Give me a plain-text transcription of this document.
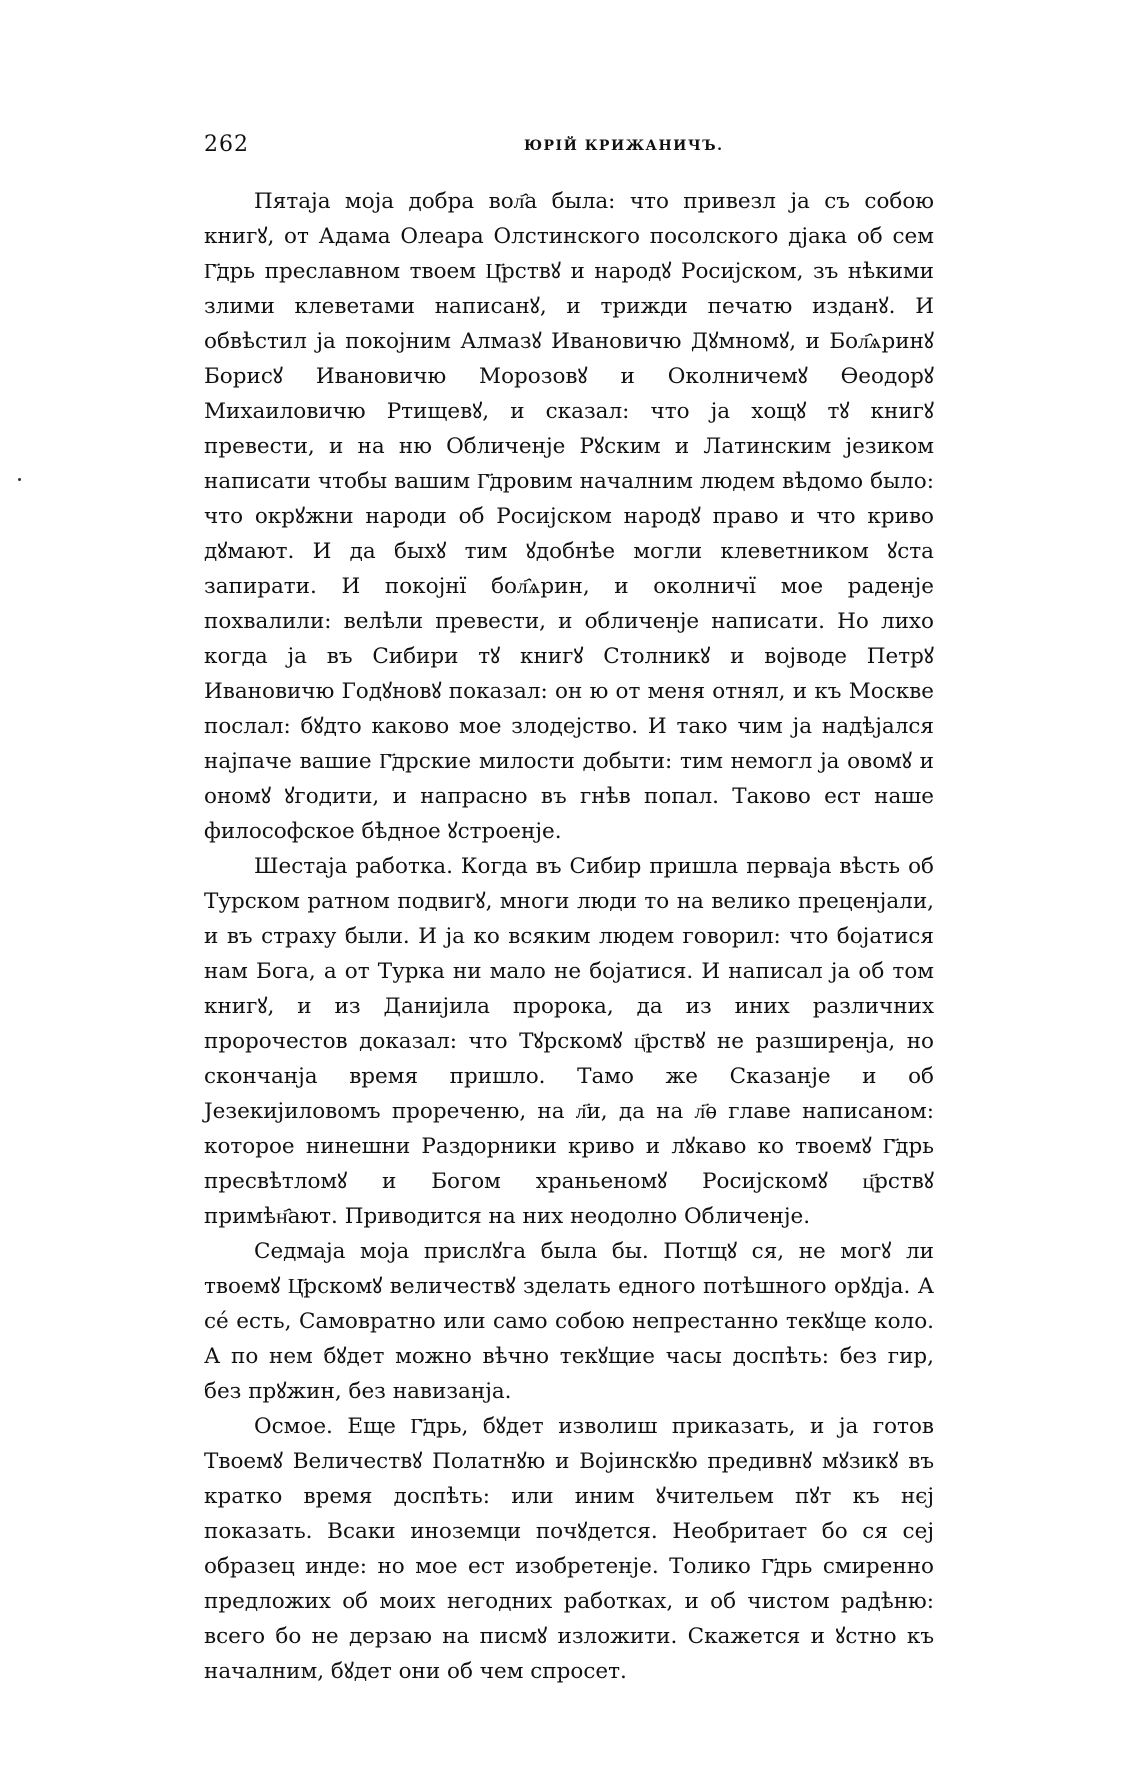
262	ЮРІЙ КРИЖАНИЧЪ.

Пятаја моја добра вол҄а была: что привезл ја съ собою книгꙋ, от Адама Олеара Олстинского посолского дјака об сем Г҃дрь преславном твоем Ц҃рствꙋ и народꙋ Росијском, зъ нѣкими злими клеветами написанꙋ, и трижди печатю изданꙋ. И обвѣстил ја покојним Алмазꙋ Ивановичю Дꙋмномꙋ, и Бол҄ѧринꙋ Борисꙋ Ивановичю Морозовꙋ и Околничемꙋ Ѳеодорꙋ Михаиловичю Ртищевꙋ, и сказал: что ја хощꙋ тꙋ книгꙋ превести, и на ню Обличенје Рꙋским и Латинским језиком написати чтобы вашим Г҃дровим началним людем вѣдомо было: что окрꙋжни народи об Росијском народꙋ право и что криво дꙋмают. И да быхꙋ тим ꙋдобнѣе могли клеветником ꙋста запирати. И покојнї бол҄ѧрин, и околничї мое раденје похвалили: велѣли превести, и обличенје написати. Но лихо когда ја въ Сибири тꙋ книгꙋ Столникꙋ и војводе Петрꙋ Ивановичю Годꙋновꙋ показал: он ю от меня отнял, и къ Москве послал: бꙋдто каково мое злодејство. И тако чим ја надѣјался најпаче вашие Г҃дрские милости добыти: тим немогл ја овомꙋ и ономꙋ ꙋгодити, и напрасно въ гнѣв попал. Таково ест наше философское бѣдное ꙋстроенје.

Шестаја работка. Когда въ Сибир пришла перваја вѣсть об Турском ратном подвигꙋ, многи люди то на велико преценјали, и въ страху были. И ја ко всяким людем говорил: что бојатися нам Бога, а от Турка ни мало не бојатися. И написал ја об том книгꙋ, и из Данијила пророка, да из иних различних пророчестов доказал: что Тꙋрскомꙋ ц҃рствꙋ не разширенја, но скончанја время пришло. Тамо же Сказанје и об Језекијиловомъ прореченю, на л҃и, да на л҃ѳ главе написаном: которое нинешни Раздорники криво и лꙋкаво ко твоемꙋ Г҃дрь пресвѣтломꙋ и Богом храньеномꙋ Росијскомꙋ ц҃рствꙋ примѣн҄ают. Приводится на них неодолно Обличенје.

Седмаја моја прислꙋга была бы. Потщꙋ ся, не могꙋ ли твоемꙋ Ц҃рскомꙋ величествꙋ зделать едного потѣшного орꙋдја. А се́ есть, Самовратно или само собою непрестанно текꙋще коло. А по нем бꙋдет можно вѣчно текꙋщие часы доспѣть: без гир, без прꙋжин, без навизанја.

Осмое. Еще Г҃дрь, бꙋдет изволиш приказать, и ја готов Твоемꙋ Величествꙋ Полатнꙋю и Војинскꙋю предивнꙋ мꙋзикꙋ въ кратко время доспѣть: или иним ꙋчительем пꙋт къ нєј показать. Всаки иноземци почꙋдется. Необритает бо ся сеј образец инде: но мое ест изобретенје. Толико Г҃дрь смиренно предложих об моих негодних работках, и об чистом радѣню: всего бо не дерзаю на писмꙋ изложити. Скажется и ꙋстно къ началним, бꙋдет они об чем спросет.
